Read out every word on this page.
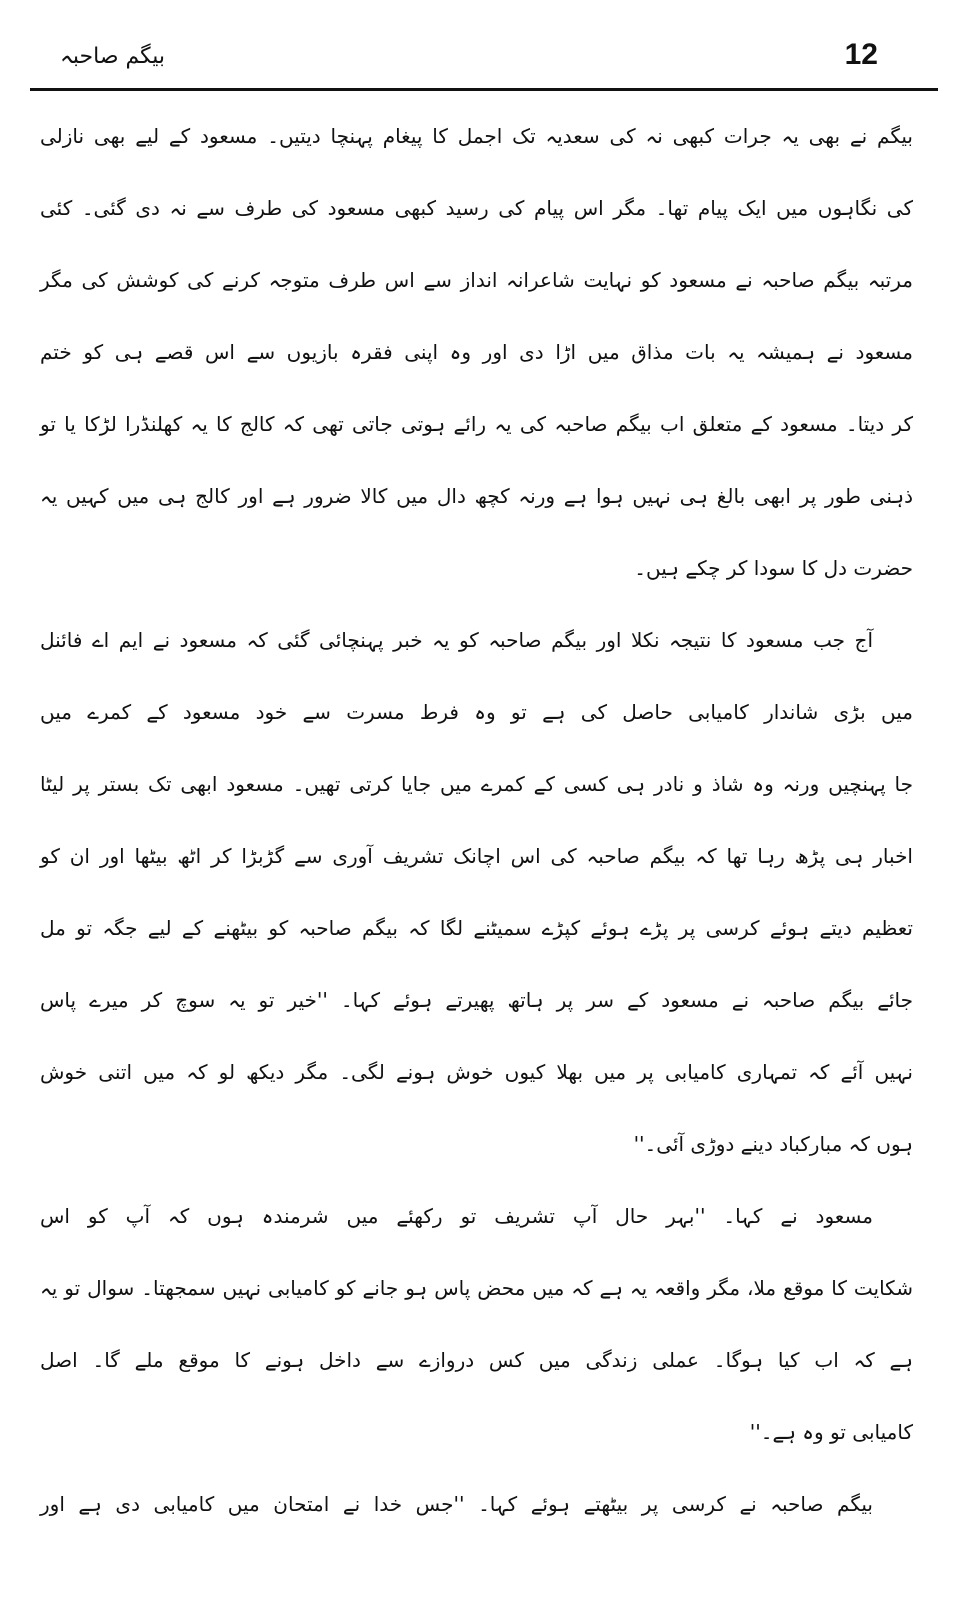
بیگم صاحبہ	12
بیگم نے بھی یہ جرات کبھی نہ کی سعدیہ تک اجمل کا پیغام پہنچا دیتیں۔ مسعود کے لیے بھی نازلی
کی نگاہوں میں ایک پیام تھا۔ مگر اس پیام کی رسید کبھی مسعود کی طرف سے نہ دی گئی۔ کئی
مرتبہ بیگم صاحبہ نے مسعود کو نہایت شاعرانہ انداز سے اس طرف متوجہ کرنے کی کوشش کی مگر
مسعود نے ہمیشہ یہ بات مذاق میں اڑا دی اور وہ اپنی فقرہ بازیوں سے اس قصے ہی کو ختم
کر دیتا۔ مسعود کے متعلق اب بیگم صاحبہ کی یہ رائے ہوتی جاتی تھی کہ کالج کا یہ کھلنڈرا لڑکا یا تو
ذہنی طور پر ابھی بالغ ہی نہیں ہوا ہے ورنہ کچھ دال میں کالا ضرور ہے اور کالج ہی میں کہیں یہ
حضرت دل کا سودا کر چکے ہیں۔
آج جب مسعود کا نتیجہ نکلا اور بیگم صاحبہ کو یہ خبر پہنچائی گئی کہ مسعود نے ایم اے فائنل
میں بڑی شاندار کامیابی حاصل کی ہے تو وہ فرط مسرت سے خود مسعود کے کمرے میں
جا پہنچیں ورنہ وہ شاذ و نادر ہی کسی کے کمرے میں جایا کرتی تھیں۔ مسعود ابھی تک بستر پر لیٹا
اخبار ہی پڑھ رہا تھا کہ بیگم صاحبہ کی اس اچانک تشریف آوری سے گڑبڑا کر اٹھ بیٹھا اور ان کو
تعظیم دیتے ہوئے کرسی پر پڑے ہوئے کپڑے سمیٹنے لگا کہ بیگم صاحبہ کو بیٹھنے کے لیے جگہ تو مل
جائے بیگم صاحبہ نے مسعود کے سر پر ہاتھ پھیرتے ہوئے کہا۔ ''خیر تو یہ سوچ کر میرے پاس
نہیں آئے کہ تمہاری کامیابی پر میں بھلا کیوں خوش ہونے لگی۔ مگر دیکھ لو کہ میں اتنی خوش
ہوں کہ مبارکباد دینے دوڑی آئی۔''
مسعود نے کہا۔ ''بہر حال آپ تشریف تو رکھئے میں شرمندہ ہوں کہ آپ کو اس
شکایت کا موقع ملا، مگر واقعہ یہ ہے کہ میں محض پاس ہو جانے کو کامیابی نہیں سمجھتا۔ سوال تو یہ
ہے کہ اب کیا ہوگا۔ عملی زندگی میں کس دروازے سے داخل ہونے کا موقع ملے گا۔ اصل
کامیابی تو وہ ہے۔''
بیگم صاحبہ نے کرسی پر بیٹھتے ہوئے کہا۔ ''جس خدا نے امتحان میں کامیابی دی ہے اور
